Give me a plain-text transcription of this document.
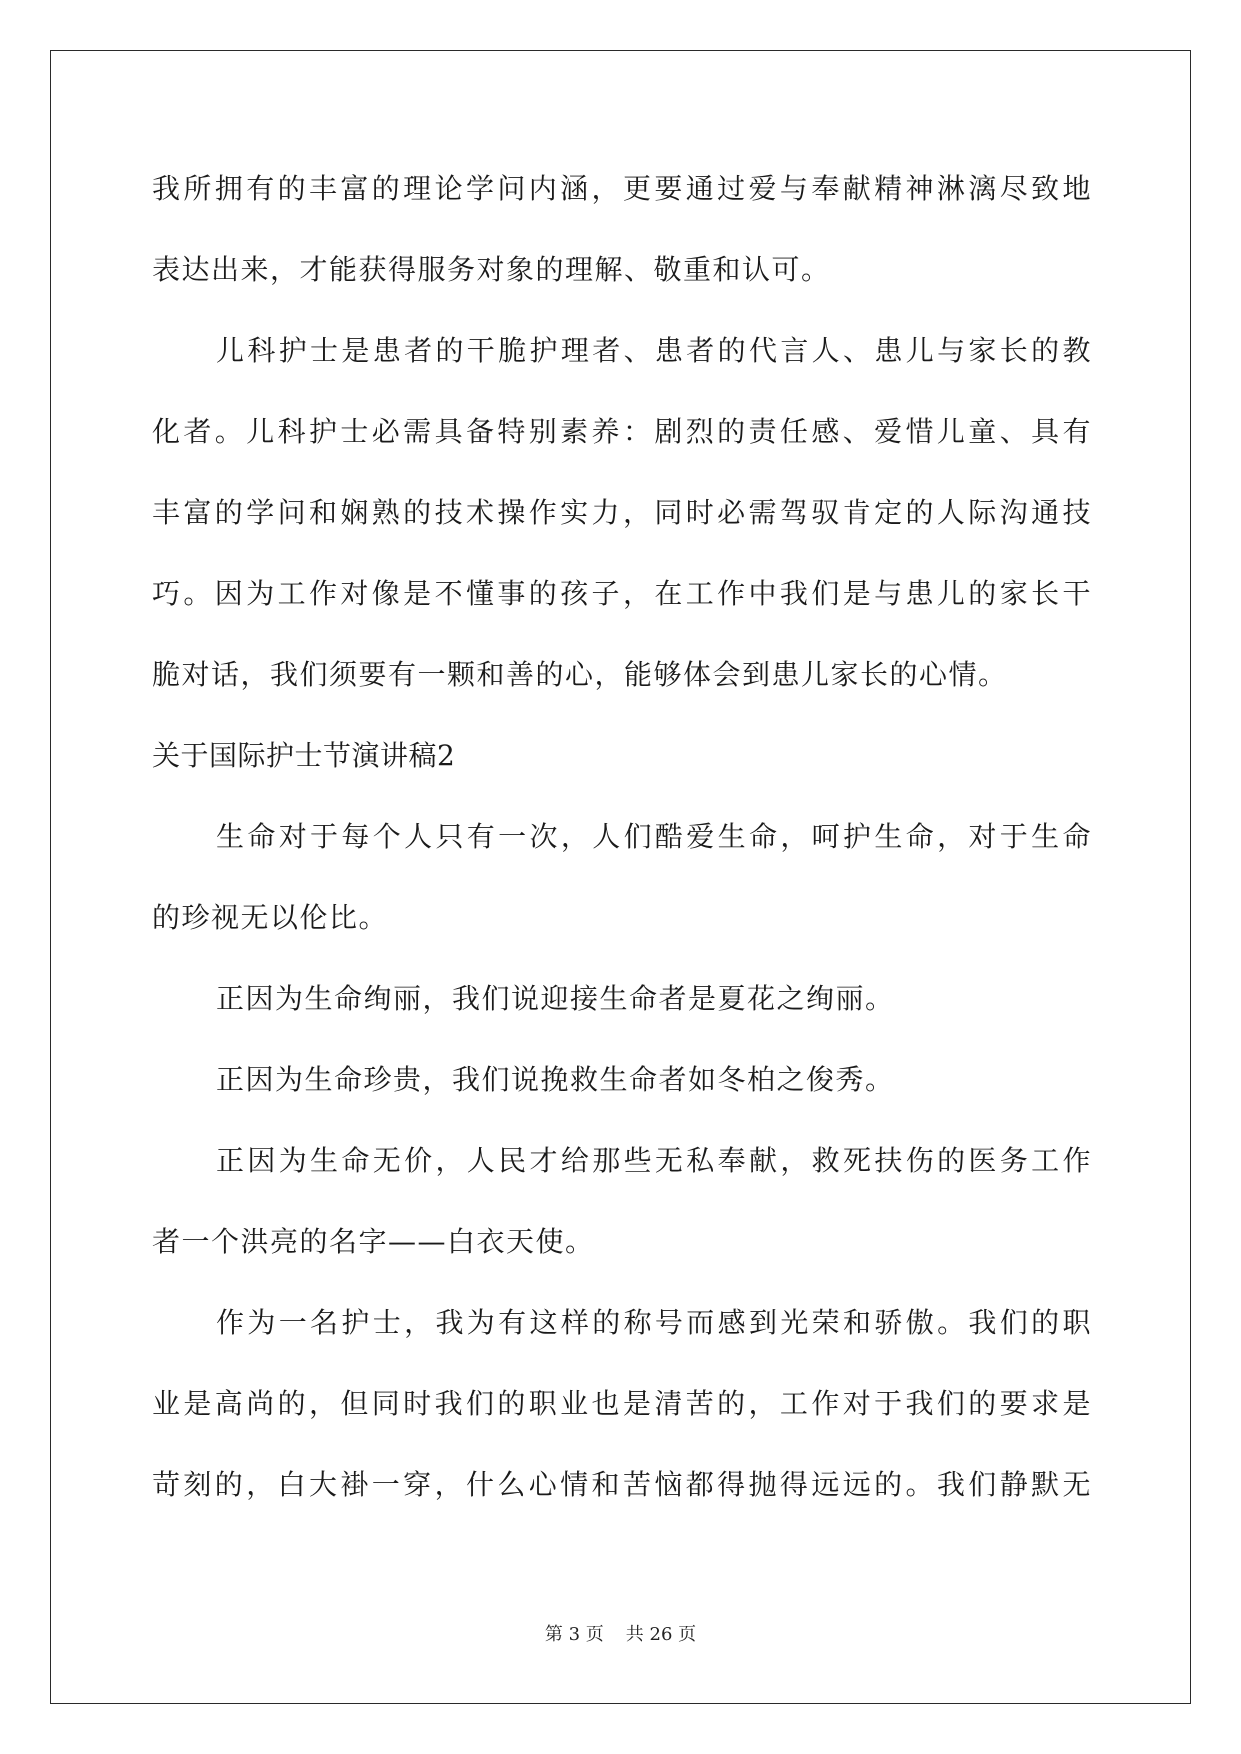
我所拥有的丰富的理论学问内涵，更要通过爱与奉献精神淋漓尽致地
表达出来，才能获得服务对象的理解、敬重和认可。
儿科护士是患者的干脆护理者、患者的代言人、患儿与家长的教
化者。儿科护士必需具备特别素养：剧烈的责任感、爱惜儿童、具有
丰富的学问和娴熟的技术操作实力，同时必需驾驭肯定的人际沟通技
巧。因为工作对像是不懂事的孩子，在工作中我们是与患儿的家长干
脆对话，我们须要有一颗和善的心，能够体会到患儿家长的心情。
关于国际护士节演讲稿2
生命对于每个人只有一次，人们酷爱生命，呵护生命，对于生命
的珍视无以伦比。
正因为生命绚丽，我们说迎接生命者是夏花之绚丽。
正因为生命珍贵，我们说挽救生命者如冬柏之俊秀。
正因为生命无价，人民才给那些无私奉献，救死扶伤的医务工作
者一个洪亮的名字——白衣天使。
作为一名护士，我为有这样的称号而感到光荣和骄傲。我们的职
业是高尚的，但同时我们的职业也是清苦的，工作对于我们的要求是
苛刻的，白大褂一穿，什么心情和苦恼都得抛得远远的。我们静默无
第 3 页 共 26 页
